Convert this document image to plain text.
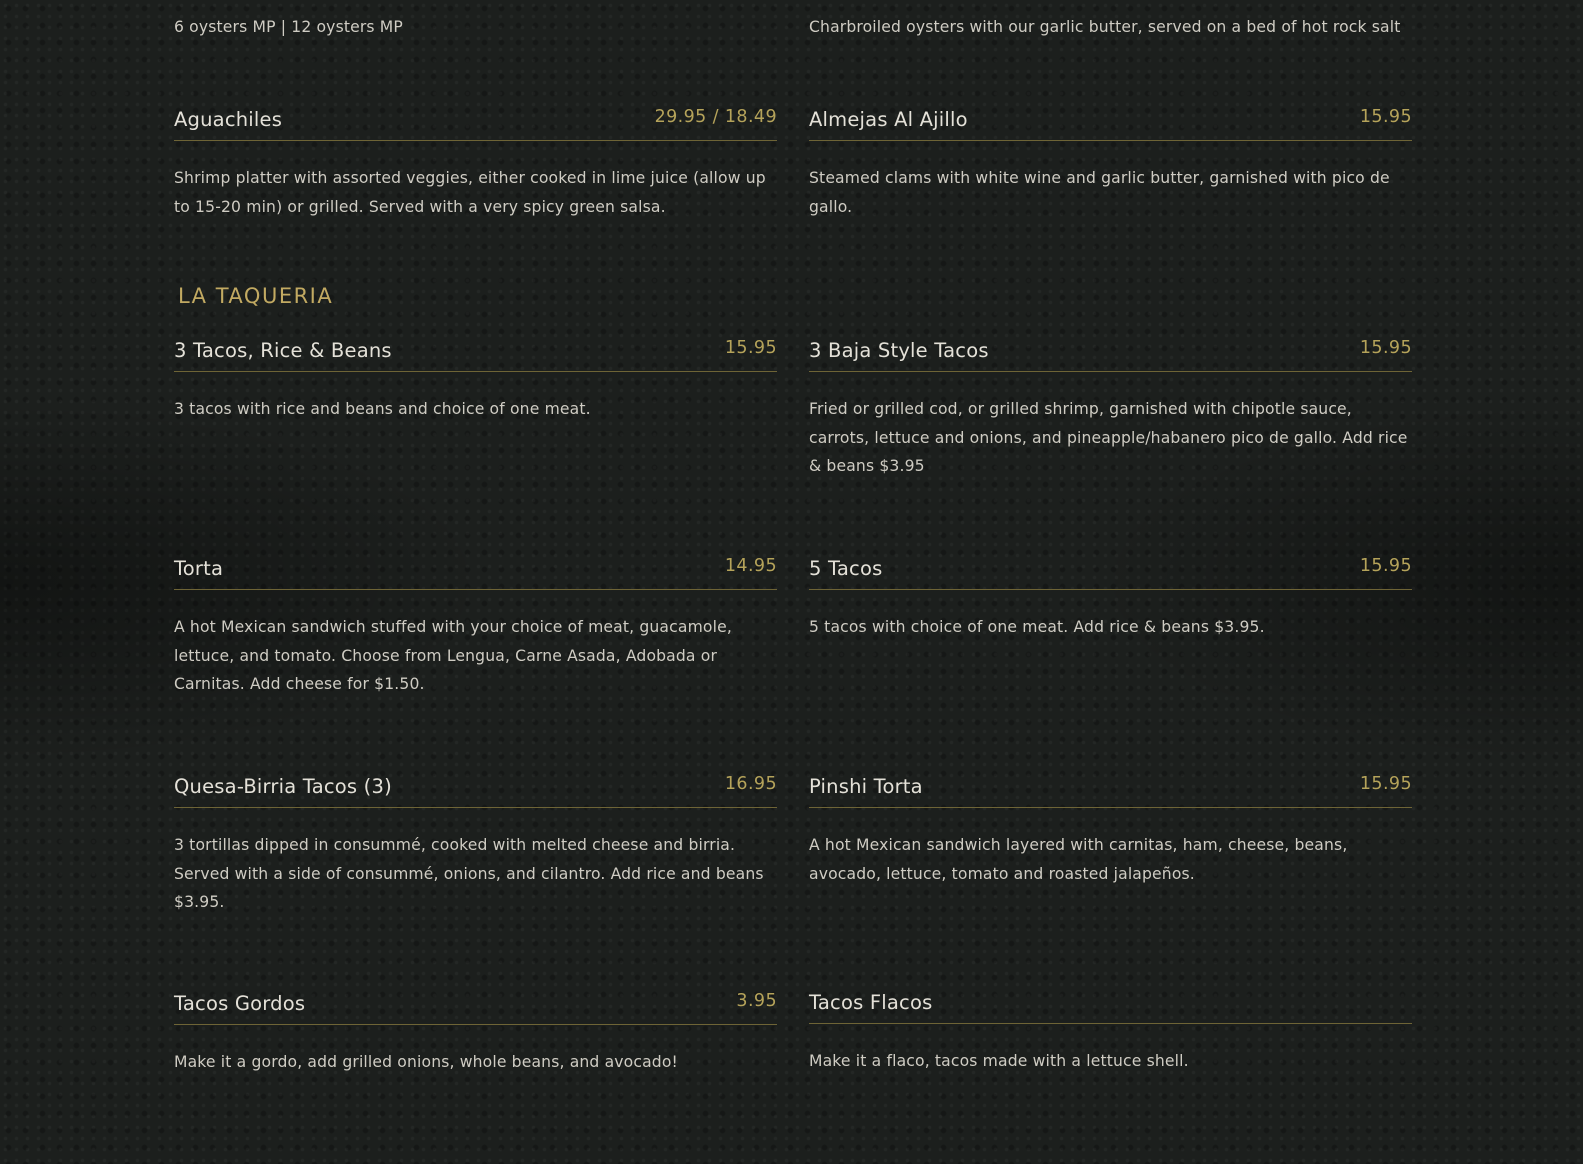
6 oysters MP | 12 oysters MP	Charbroiled oysters with our garlic butter, served on a bed of hot rock salt
Aguachiles	29.95 / 18.49
Shrimp platter with assorted veggies, either cooked in lime juice (allow up to 15-20 min) or grilled. Served with a very spicy green salsa.
Almejas Al Ajillo	15.95
Steamed clams with white wine and garlic butter, garnished with pico de gallo.
LA TAQUERIA
3 Tacos, Rice & Beans	15.95
3 tacos with rice and beans and choice of one meat.
3 Baja Style Tacos	15.95
Fried or grilled cod, or grilled shrimp, garnished with chipotle sauce, carrots, lettuce and onions, and pineapple/habanero pico de gallo. Add rice & beans $3.95
Torta	14.95
A hot Mexican sandwich stuffed with your choice of meat, guacamole, lettuce, and tomato. Choose from Lengua, Carne Asada, Adobada or Carnitas. Add cheese for $1.50.
5 Tacos	15.95
5 tacos with choice of one meat. Add rice & beans $3.95.
Quesa-Birria Tacos (3)	16.95
3 tortillas dipped in consummé, cooked with melted cheese and birria. Served with a side of consummé, onions, and cilantro. Add rice and beans $3.95.
Pinshi Torta	15.95
A hot Mexican sandwich layered with carnitas, ham, cheese, beans, avocado, lettuce, tomato and roasted jalapeños.
Tacos Gordos	3.95
Make it a gordo, add grilled onions, whole beans, and avocado!
Tacos Flacos
Make it a flaco, tacos made with a lettuce shell.
